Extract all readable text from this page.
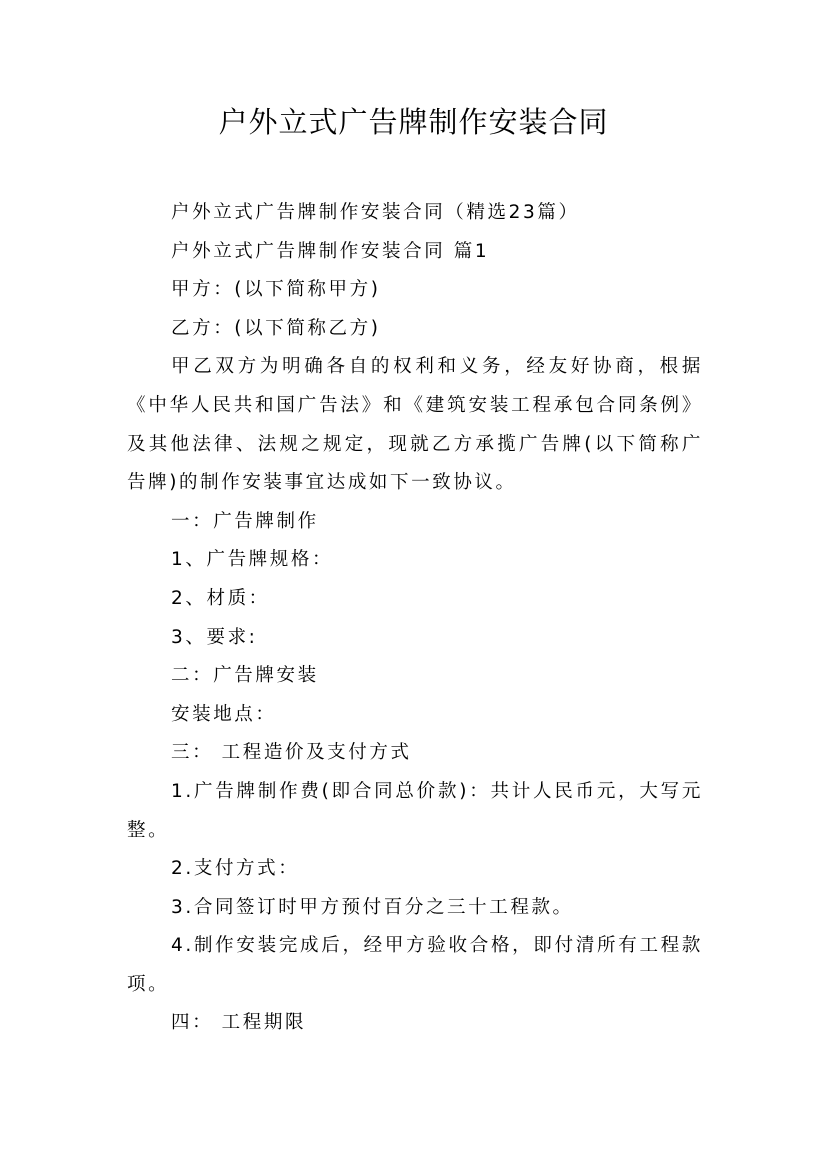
户外立式广告牌制作安装合同

户外立式广告牌制作安装合同（精选23篇）

户外立式广告牌制作安装合同 篇1

甲方：(以下简称甲方)

乙方：(以下简称乙方)

甲乙双方为明确各自的权利和义务，经友好协商，根据《中华人民共和国广告法》和《建筑安装工程承包合同条例》及其他法律、法规之规定，现就乙方承揽广告牌(以下简称广告牌)的制作安装事宜达成如下一致协议。

一：广告牌制作

1、广告牌规格：

2、材质：

3、要求:

二：广告牌安装

安装地点：

三： 工程造价及支付方式

1.广告牌制作费(即合同总价款)：共计人民币元，大写元整。

2.支付方式：

3.合同签订时甲方预付百分之三十工程款。

4.制作安装完成后，经甲方验收合格，即付清所有工程款项。

四： 工程期限
